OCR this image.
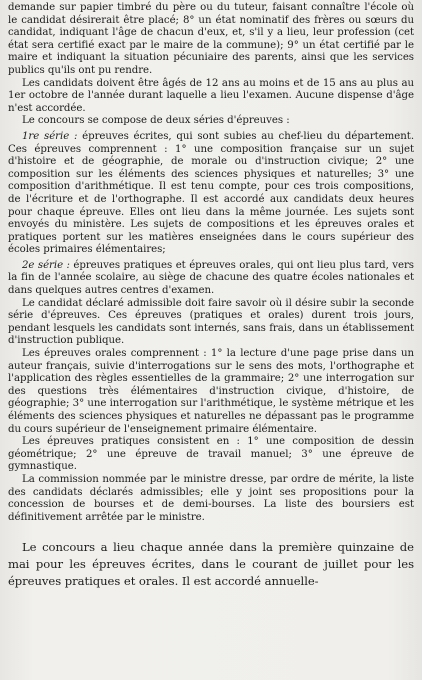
demande sur papier timbré du père ou du tuteur, faisant connaître l'école où le candidat désirerait être placé; 8° un état nominatif des frères ou sœurs du candidat, indiquant l'âge de chacun d'eux, et, s'il y a lieu, leur profession (cet état sera certifié exact par le maire de la commune); 9° un état certifié par le maire et indiquant la situation pécuniaire des parents, ainsi que les services publics qu'ils ont pu rendre.

Les candidats doivent être âgés de 12 ans au moins et de 15 ans au plus au 1er octobre de l'année durant laquelle a lieu l'examen. Aucune dispense d'âge n'est accordée.

Le concours se compose de deux séries d'épreuves :

1re série : épreuves écrites, qui sont subies au chef-lieu du département. Ces épreuves comprennent : 1° une composition française sur un sujet d'histoire et de géographie, de morale ou d'instruction civique; 2° une composition sur les éléments des sciences physiques et naturelles; 3° une composition d'arithmétique. Il est tenu compte, pour ces trois compositions, de l'écriture et de l'orthographe. Il est accordé aux candidats deux heures pour chaque épreuve. Elles ont lieu dans la même journée. Les sujets sont envoyés du ministère. Les sujets de compositions et les épreuves orales et pratiques portent sur les matières enseignées dans le cours supérieur des écoles primaires élémentaires;

2e série : épreuves pratiques et épreuves orales, qui ont lieu plus tard, vers la fin de l'année scolaire, au siège de chacune des quatre écoles nationales et dans quelques autres centres d'examen.

Le candidat déclaré admissible doit faire savoir où il désire subir la seconde série d'épreuves. Ces épreuves (pratiques et orales) durent trois jours, pendant lesquels les candidats sont internés, sans frais, dans un établissement d'instruction publique.

Les épreuves orales comprennent : 1° la lecture d'une page prise dans un auteur français, suivie d'interrogations sur le sens des mots, l'orthographe et l'application des règles essentielles de la grammaire; 2° une interrogation sur des questions très élémentaires d'instruction civique, d'histoire, de géographie; 3° une interrogation sur l'arithmétique, le système métrique et les éléments des sciences physiques et naturelles ne dépassant pas le programme du cours supérieur de l'enseignement primaire élémentaire.

Les épreuves pratiques consistent en : 1° une composition de dessin géométrique; 2° une épreuve de travail manuel; 3° une épreuve de gymnastique.

La commission nommée par le ministre dresse, par ordre de mérite, la liste des candidats déclarés admissibles; elle y joint ses propositions pour la concession de bourses et de demi-bourses. La liste des boursiers est définitivement arrêtée par le ministre.

Le concours a lieu chaque année dans la première quinzaine de mai pour les épreuves écrites, dans le courant de juillet pour les épreuves pratiques et orales. Il est accordé annuelle-
